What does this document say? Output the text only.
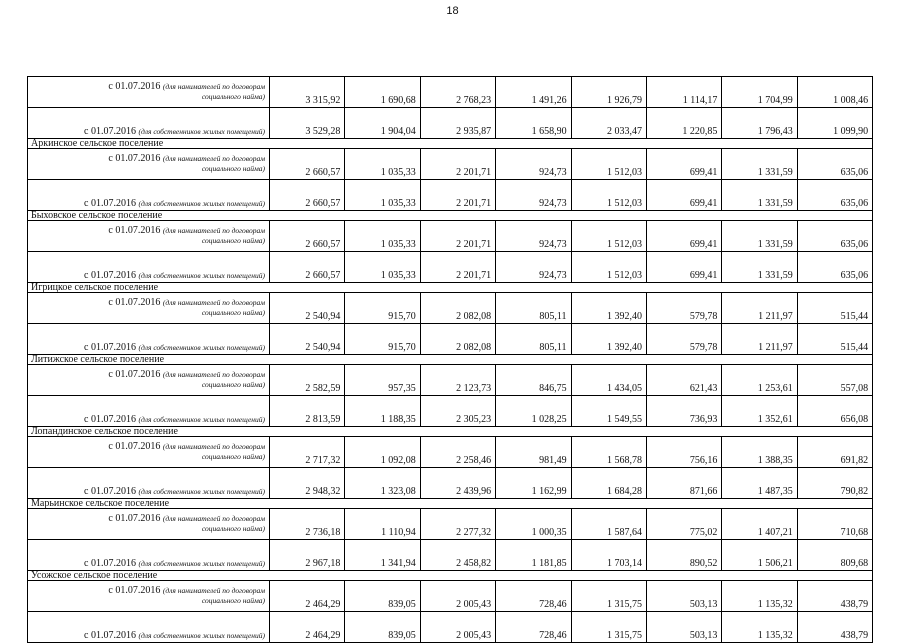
18
с 01.07.2016 (для нанимателей по договорам
социального найма)	3 315,92	1 690,68	2 768,23	1 491,26	1 926,79	1 114,17	1 704,99	1 008,46
с 01.07.2016 (для собственников жилых помещений)	3 529,28	1 904,04	2 935,87	1 658,90	2 033,47	1 220,85	1 796,43	1 099,90
Аркинское сельское поселение								
с 01.07.2016 (для нанимателей по договорам
социального найма)	2 660,57	1 035,33	2 201,71	924,73	1 512,03	699,41	1 331,59	635,06
с 01.07.2016 (для собственников жилых помещений)	2 660,57	1 035,33	2 201,71	924,73	1 512,03	699,41	1 331,59	635,06
Быховское сельское поселение								
с 01.07.2016 (для нанимателей по договорам
социального найма)	2 660,57	1 035,33	2 201,71	924,73	1 512,03	699,41	1 331,59	635,06
с 01.07.2016 (для собственников жилых помещений)	2 660,57	1 035,33	2 201,71	924,73	1 512,03	699,41	1 331,59	635,06
Игрицкое сельское поселение								
с 01.07.2016 (для нанимателей по договорам
социального найма)	2 540,94	915,70	2 082,08	805,11	1 392,40	579,78	1 211,97	515,44
с 01.07.2016 (для собственников жилых помещений)	2 540,94	915,70	2 082,08	805,11	1 392,40	579,78	1 211,97	515,44
Литижское сельское поселение								
с 01.07.2016 (для нанимателей по договорам
социального найма)	2 582,59	957,35	2 123,73	846,75	1 434,05	621,43	1 253,61	557,08
с 01.07.2016 (для собственников жилых помещений)	2 813,59	1 188,35	2 305,23	1 028,25	1 549,55	736,93	1 352,61	656,08
Лопандинское сельское поселение								
с 01.07.2016 (для нанимателей по договорам
социального найма)	2 717,32	1 092,08	2 258,46	981,49	1 568,78	756,16	1 388,35	691,82
с 01.07.2016 (для собственников жилых помещений)	2 948,32	1 323,08	2 439,96	1 162,99	1 684,28	871,66	1 487,35	790,82
Марьинское сельское поселение								
с 01.07.2016 (для нанимателей по договорам
социального найма)	2 736,18	1 110,94	2 277,32	1 000,35	1 587,64	775,02	1 407,21	710,68
с 01.07.2016 (для собственников жилых помещений)	2 967,18	1 341,94	2 458,82	1 181,85	1 703,14	890,52	1 506,21	809,68
Усожское сельское поселение								
с 01.07.2016 (для нанимателей по договорам
социального найма)	2 464,29	839,05	2 005,43	728,46	1 315,75	503,13	1 135,32	438,79
с 01.07.2016 (для собственников жилых помещений)	2 464,29	839,05	2 005,43	728,46	1 315,75	503,13	1 135,32	438,79
